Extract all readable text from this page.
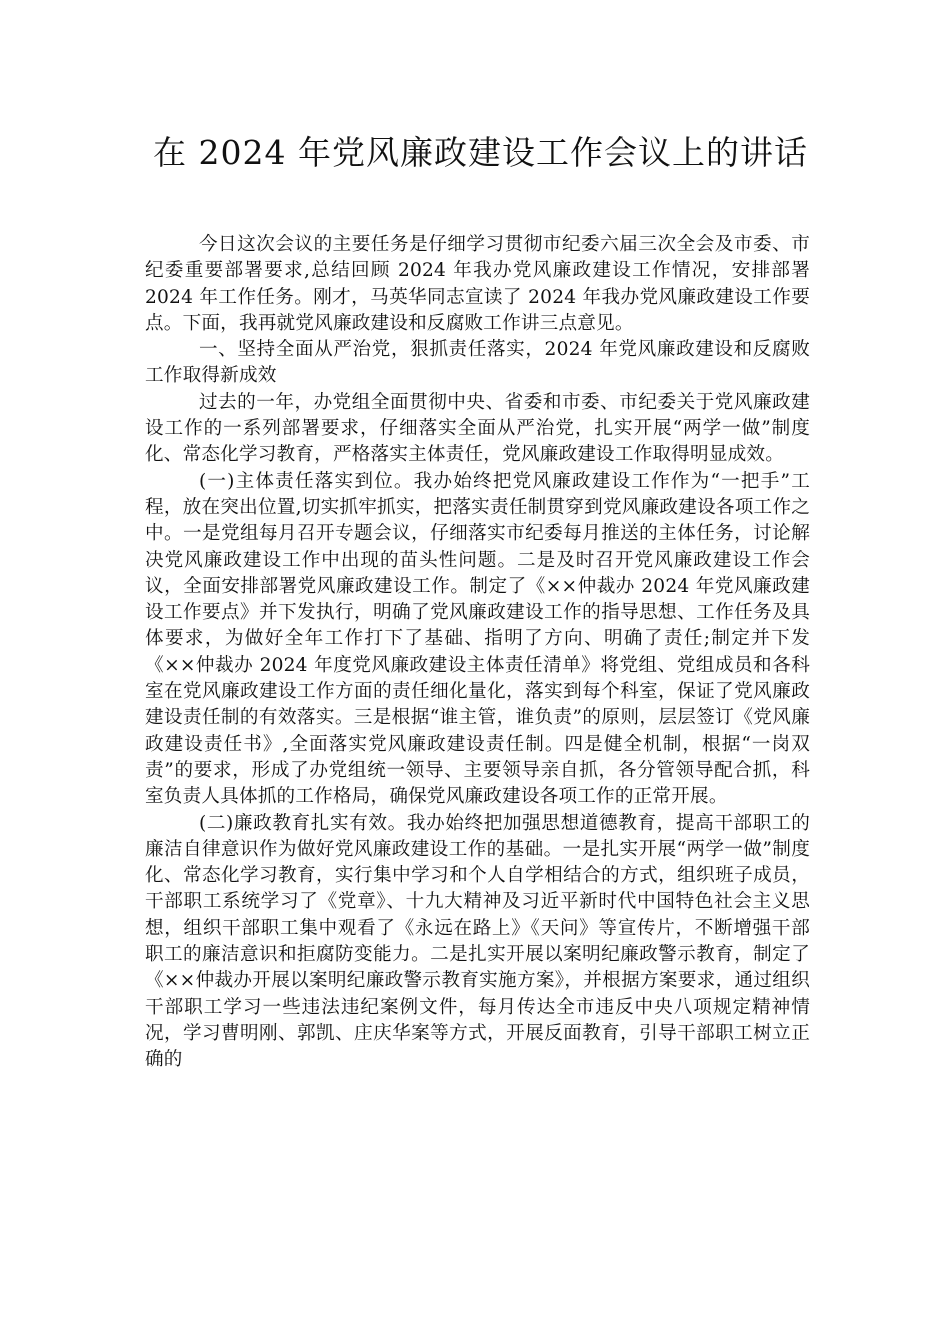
在 2024 年党风廉政建设工作会议上的讲话

今日这次会议的主要任务是仔细学习贯彻市纪委六届三次全会及市委、市纪委重要部署要求,总结回顾 2024 年我办党风廉政建设工作情况，安排部署 2024 年工作任务。刚才，马英华同志宣读了 2024 年我办党风廉政建设工作要点。下面，我再就党风廉政建设和反腐败工作讲三点意见。

一、坚持全面从严治党，狠抓责任落实，2024 年党风廉政建设和反腐败工作取得新成效

过去的一年，办党组全面贯彻中央、省委和市委、市纪委关于党风廉政建设工作的一系列部署要求，仔细落实全面从严治党，扎实开展“两学一做”制度化、常态化学习教育，严格落实主体责任，党风廉政建设工作取得明显成效。

(一)主体责任落实到位。我办始终把党风廉政建设工作作为“一把手”工程，放在突出位置,切实抓牢抓实，把落实责任制贯穿到党风廉政建设各项工作之中。一是党组每月召开专题会议，仔细落实市纪委每月推送的主体任务，讨论解决党风廉政建设工作中出现的苗头性问题。二是及时召开党风廉政建设工作会议，全面安排部署党风廉政建设工作。制定了《××仲裁办 2024 年党风廉政建设工作要点》并下发执行，明确了党风廉政建设工作的指导思想、工作任务及具体要求，为做好全年工作打下了基础、指明了方向、明确了责任;制定并下发《××仲裁办 2024 年度党风廉政建设主体责任清单》将党组、党组成员和各科室在党风廉政建设工作方面的责任细化量化，落实到每个科室，保证了党风廉政建设责任制的有效落实。三是根据“谁主管，谁负责”的原则，层层签订《党风廉政建设责任书》,全面落实党风廉政建设责任制。四是健全机制，根据“一岗双责”的要求，形成了办党组统一领导、主要领导亲自抓，各分管领导配合抓，科室负责人具体抓的工作格局，确保党风廉政建设各项工作的正常开展。

(二)廉政教育扎实有效。我办始终把加强思想道德教育，提高干部职工的廉洁自律意识作为做好党风廉政建设工作的基础。一是扎实开展“两学一做”制度化、常态化学习教育，实行集中学习和个人自学相结合的方式，组织班子成员，干部职工系统学习了《党章》、十九大精神及习近平新时代中国特色社会主义思想，组织干部职工集中观看了《永远在路上》《天问》等宣传片，不断增强干部职工的廉洁意识和拒腐防变能力。二是扎实开展以案明纪廉政警示教育，制定了《××仲裁办开展以案明纪廉政警示教育实施方案》，并根据方案要求，通过组织干部职工学习一些违法违纪案例文件，每月传达全市违反中央八项规定精神情况，学习曹明刚、郭凯、庄庆华案等方式，开展反面教育，引导干部职工树立正确的
